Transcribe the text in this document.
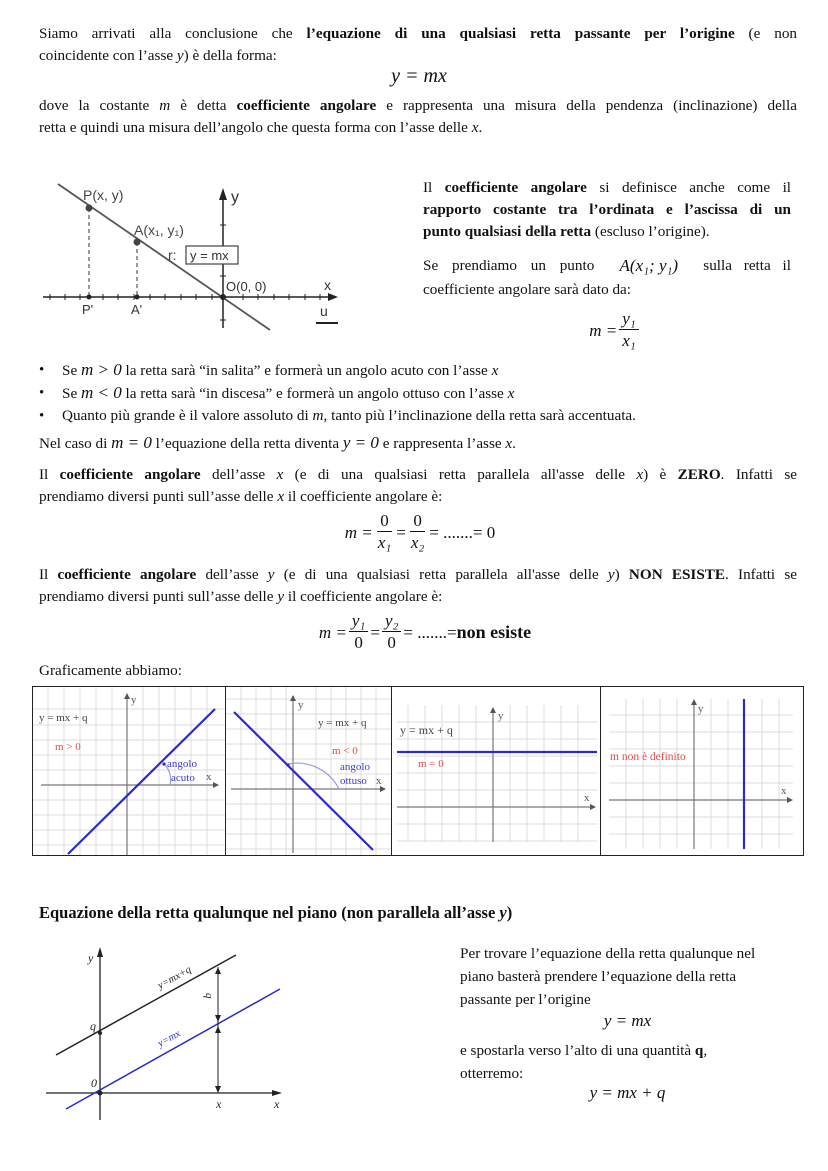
Siamo arrivati alla conclusione che l’equazione di una qualsiasi retta passante per l’origine (e non
coincidente con l’asse y) è della forma:
y = mx
dove la costante m è detta coefficiente angolare e rappresenta una misura della pendenza (inclinazione) della
retta e quindi una misura dell’angolo che questa forma con l’asse delle x.
y
x
P(x, y)
A(x₁, y₁)
r: y = mx
O(0, 0)
P'	A'	u
Il coefficiente angolare si definisce anche come il
rapporto costante tra l’ordinata e l’ascissa di un
punto qualsiasi della retta (escluso l’origine).
Se prendiamo un punto A(x₁; y₁) sulla retta il
coefficiente angolare sarà dato da:
$m = \frac{\text{y₁}}{\text{x₁}}$
• Se m > 0 la retta sarà “in salita” e formerà un angolo acuto con l’asse x
• Se m < 0 la retta sarà “in discesa” e formerà un angolo ottuso con l’asse x
• Quanto più grande è il valore assoluto di m, tanto più l’inclinazione della retta sarà accentuata.
Nel caso di m = 0 l’equazione della retta diventa y = 0 e rappresenta l’asse x.
Il coefficiente angolare dell’asse x (e di una qualsiasi retta parallela all'asse delle x) è ZERO. Infatti se
prendiamo diversi punti sull’asse delle x il coefficiente angolare è:
$m = \frac{0}{\text{x₁}} = \frac{0}{\text{x₂}}$ = .......= 0
Il coefficiente angolare dell’asse y (e di una qualsiasi retta parallela all'asse delle y) NON ESISTE. Infatti se
prendiamo diversi punti sull’asse delle y il coefficiente angolare è:
$m = \frac{\text{y₁}}{0} = \frac{\text{y₂}}{0}$ = .......= non esiste
Graficamente abbiamo:
y
x
y = mx + q
m > 0
angolo
acuto
y
x
y = mx + q
m < 0
angolo
ottuso
y
x
y = mx + q
m = 0
y
x
m non è definito
Equazione della retta qualunque nel piano (non parallela all’asse y)
y
x
x
0
q
q
y=mx+q
y=mx
Per trovare l’equazione della retta qualunque nel
piano basterà prendere l’equazione della retta
passante per l’origine
y = mx
e spostarla verso l’alto di una quantità q,
otterremo:
y = mx + q
